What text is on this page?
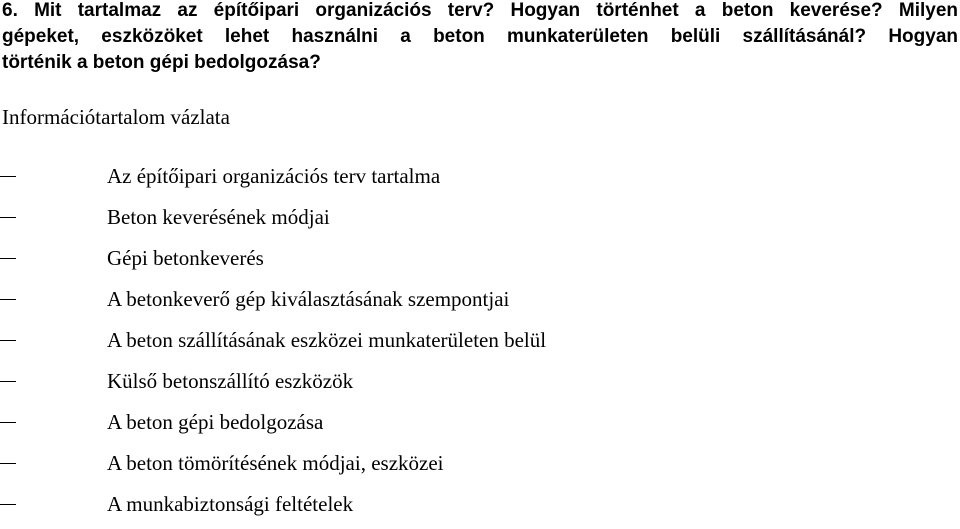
6. Mit tartalmaz az építőipari organizációs terv? Hogyan történhet a beton keverése? Milyen
gépeket, eszközöket lehet használni a beton munkaterületen belüli szállításánál? Hogyan
történik a beton gépi bedolgozása?
Információtartalom vázlata
Az építőipari organizációs terv tartalma
Beton keverésének módjai
Gépi betonkeverés
A betonkeverő gép kiválasztásának szempontjai
A beton szállításának eszközei munkaterületen belül
Külső betonszállító eszközök
A beton gépi bedolgozása
A beton tömörítésének módjai, eszközei
A munkabiztonsági feltételek
